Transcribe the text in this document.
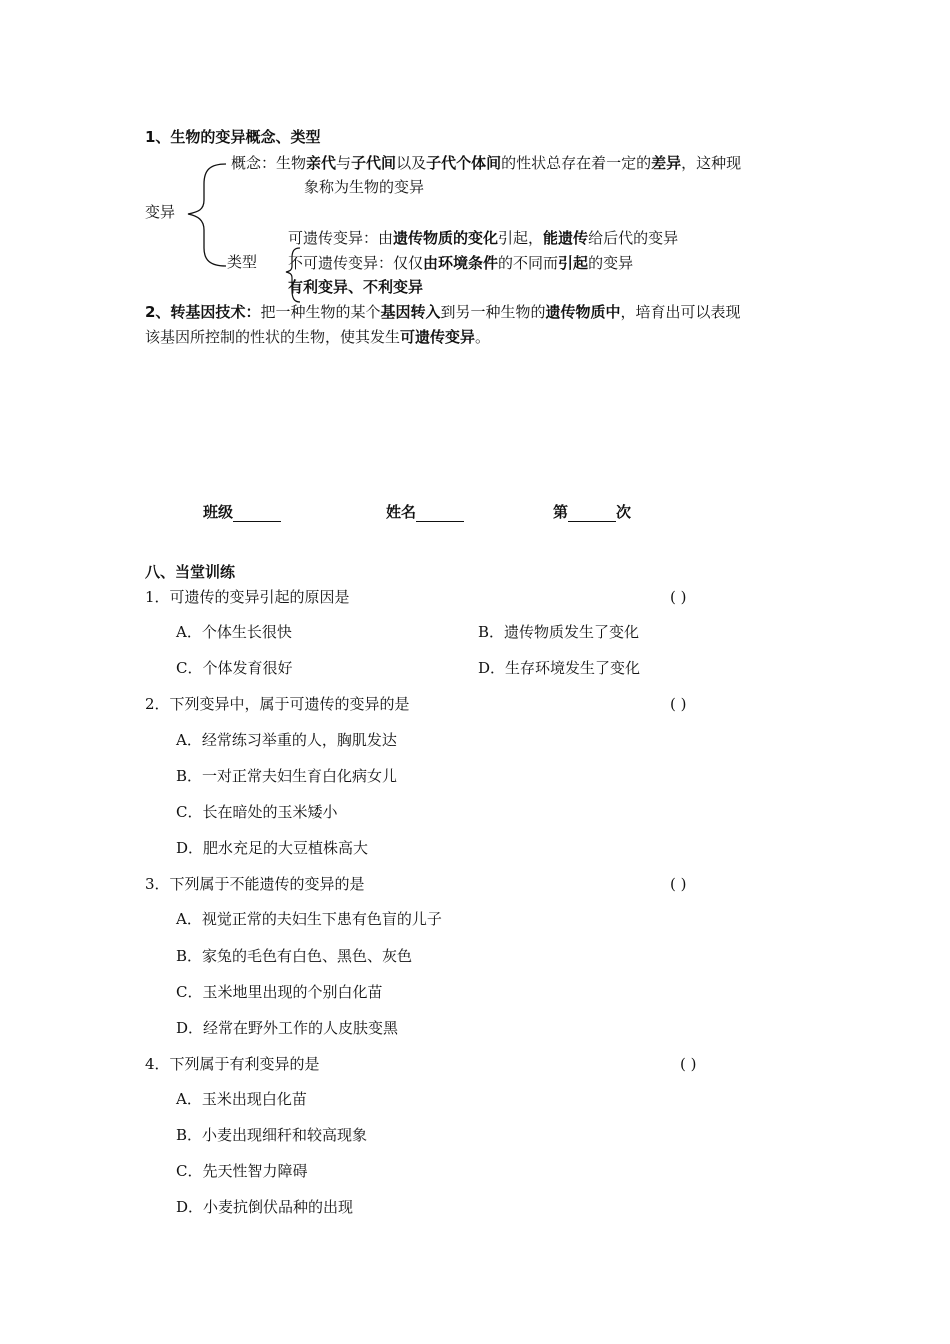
1、生物的变异概念、类型
概念：生物亲代与子代间以及子代个体间的性状总存在着一定的差异，这种现
象称为生物的变异
变异
类型
可遗传变异：由遗传物质的变化引起，能遗传给后代的变异
不可遗传变异：仅仅由环境条件的不同而引起的变异
有利变异、不利变异
2、转基因技术：把一种生物的某个基因转入到另一种生物的遗传物质中，培育出可以表现
该基因所控制的性状的生物，使其发生可遗传变异。
班级	姓名	第	次
八、当堂训练
1．可遗传的变异引起的原因是	( )
A．个体生长很快	B．遗传物质发生了变化
C．个体发育很好	D．生存环境发生了变化
2．下列变异中，属于可遗传的变异的是	( )
A．经常练习举重的人，胸肌发达
B．一对正常夫妇生育白化病女儿
C．长在暗处的玉米矮小
D．肥水充足的大豆植株高大
3．下列属于不能遗传的变异的是	( )
A．视觉正常的夫妇生下患有色盲的儿子
B．家兔的毛色有白色、黑色、灰色
C．玉米地里出现的个别白化苗
D．经常在野外工作的人皮肤变黑
4．下列属于有利变异的是	( )
A．玉米出现白化苗
B．小麦出现细秆和较高现象
C．先天性智力障碍
D．小麦抗倒伏品种的出现
